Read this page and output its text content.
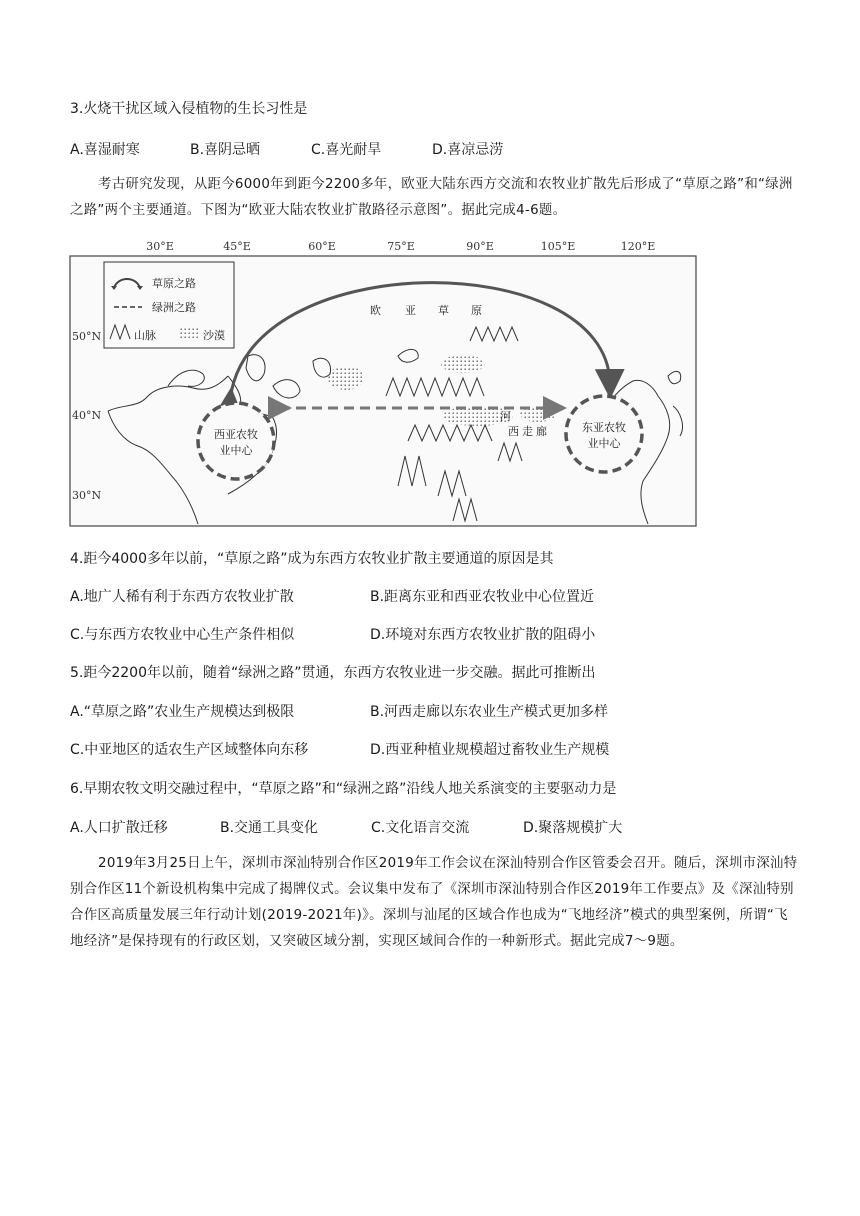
3.火烧干扰区域入侵植物的生长习性是
A.喜湿耐寒	B.喜阴忌晒	C.喜光耐旱	D.喜凉忌涝
考古研究发现，从距今6000年到距今2200多年，欧亚大陆东西方交流和农牧业扩散先后形成了“草原之路”和“绿洲之路”两个主要通道。下图为“欧亚大陆农牧业扩散路径示意图”。据此完成4-6题。
30°E	45°E	60°E	75°E	90°E	105°E	120°E
50°N
40°N
30°N
西亚农牧
业中心
东亚农牧
业中心
欧 亚 草 原
河
西 走 廊
草原之路
绿洲之路
山脉	沙漠
4.距今4000多年以前，“草原之路”成为东西方农牧业扩散主要通道的原因是其
A.地广人稀有利于东西方农牧业扩散	B.距离东亚和西亚农牧业中心位置近
C.与东西方农牧业中心生产条件相似	D.环境对东西方农牧业扩散的阻碍小
5.距今2200年以前，随着“绿洲之路”贯通，东西方农牧业进一步交融。据此可推断出
A.“草原之路”农业生产规模达到极限	B.河西走廊以东农业生产模式更加多样
C.中亚地区的适农生产区域整体向东移	D.西亚种植业规模超过畜牧业生产规模
6.早期农牧文明交融过程中，“草原之路”和“绿洲之路”沿线人地关系演变的主要驱动力是
A.人口扩散迁移	B.交通工具变化	C.文化语言交流	D.聚落规模扩大
2019年3月25日上午，深圳市深汕特别合作区2019年工作会议在深汕特别合作区管委会召开。随后，深圳市深汕特别合作区11个新设机构集中完成了揭牌仪式。会议集中发布了《深圳市深汕特别合作区2019年工作要点》及《深汕特别合作区高质量发展三年行动计划(2019-2021年)》。深圳与汕尾的区域合作也成为“飞地经济”模式的典型案例，所谓“飞地经济”是保持现有的行政区划，又突破区域分割，实现区域间合作的一种新形式。据此完成7～9题。
